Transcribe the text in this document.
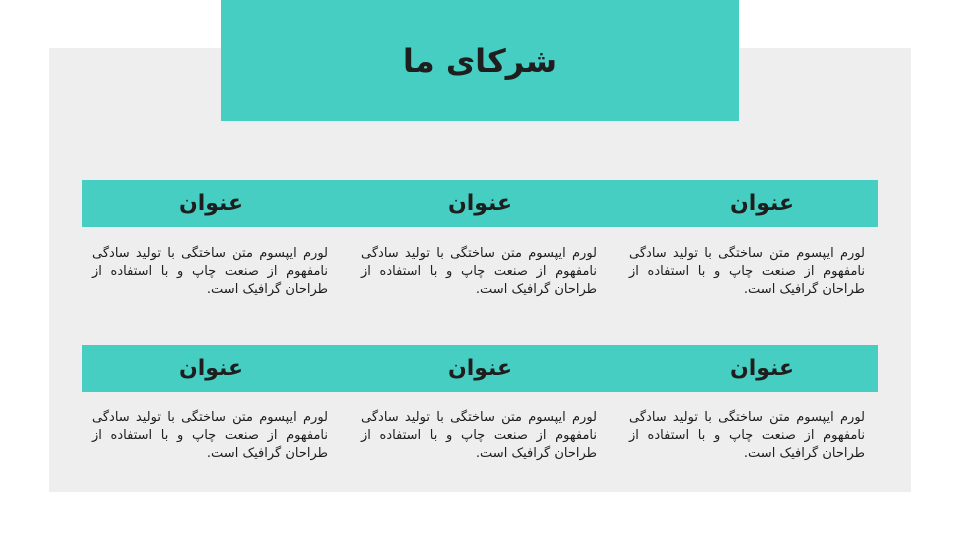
شرکای ما
عنوان
عنوان
عنوان
لورم ایپسوم متن ساختگی با تولید سادگی نامفهوم از صنعت چاپ و با استفاده از طراحان گرافیک است.
لورم ایپسوم متن ساختگی با تولید سادگی نامفهوم از صنعت چاپ و با استفاده از طراحان گرافیک است.
لورم ایپسوم متن ساختگی با تولید سادگی نامفهوم از صنعت چاپ و با استفاده از طراحان گرافیک است.
عنوان
عنوان
عنوان
لورم ایپسوم متن ساختگی با تولید سادگی نامفهوم از صنعت چاپ و با استفاده از طراحان گرافیک است.
لورم ایپسوم متن ساختگی با تولید سادگی نامفهوم از صنعت چاپ و با استفاده از طراحان گرافیک است.
لورم ایپسوم متن ساختگی با تولید سادگی نامفهوم از صنعت چاپ و با استفاده از طراحان گرافیک است.
